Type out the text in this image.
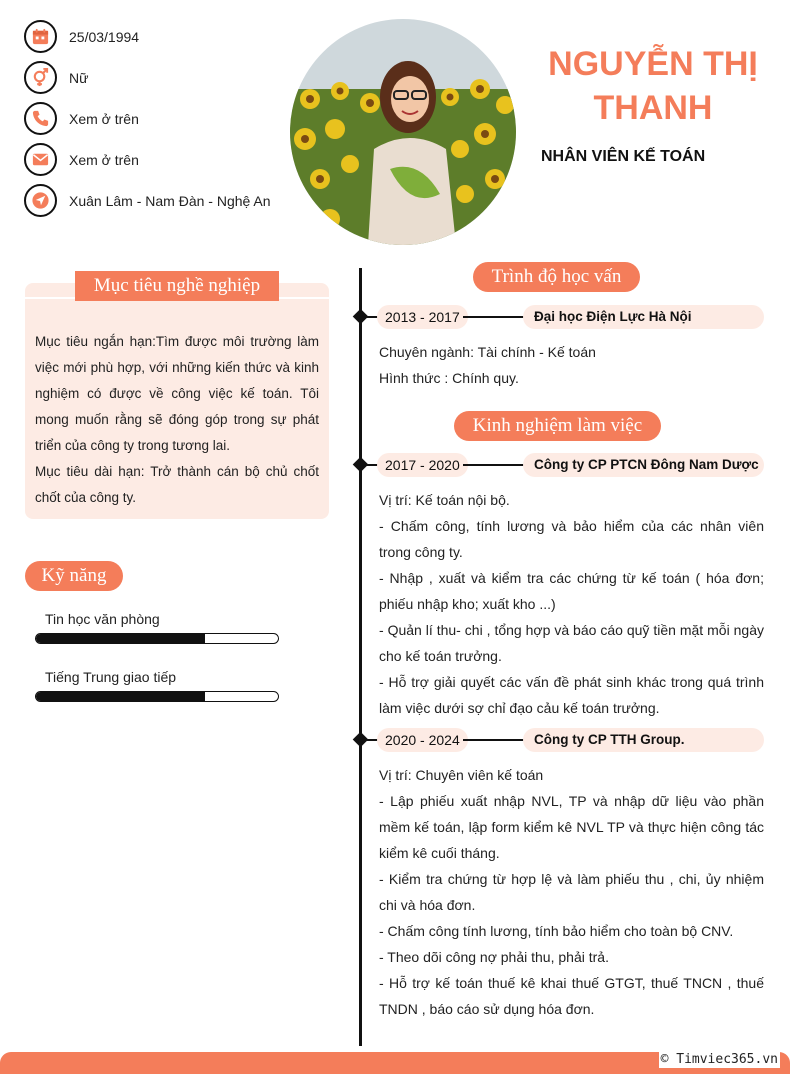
25/03/1994
Nữ
Xem ở trên
Xem ở trên
Xuân Lâm - Nam Đàn - Nghệ An
NGUYỄN THỊ
THANH
NHÂN VIÊN KẾ TOÁN
Mục tiêu nghề nghiệp

Mục tiêu ngắn hạn:Tìm được môi trường làm việc mới phù hợp, với những kiến thức và kinh nghiệm có được về công việc kế toán. Tôi mong muốn rằng sẽ đóng góp trong sự phát triển của công ty trong tương lai.

Mục tiêu dài hạn: Trở thành cán bộ chủ chốt chốt của công ty.

Kỹ năng
Tin học văn phòng
Tiếng Trung giao tiếp
Trình độ học vấn
2013 - 2017	Đại học Điện Lực Hà Nội

Chuyên ngành: Tài chính - Kế toán

Hình thức : Chính quy.

Kinh nghiệm làm việc
2017 - 2020	Công ty CP PTCN Đông Nam Dược

Vị trí: Kế toán nội bộ.

- Chấm công, tính lương và bảo hiểm của các nhân viên trong công ty.

- Nhập , xuất và kiểm tra các chứng từ kế toán ( hóa đơn; phiếu nhập kho; xuất kho ...)

- Quản lí thu- chi , tổng hợp và báo cáo quỹ tiền mặt mỗi ngày cho kế toán trưởng.

- Hỗ trợ giải quyết các vấn đề phát sinh khác trong quá trình làm việc dưới sợ chỉ đạo cảu kế toán trưởng.

2020 - 2024	Công ty CP TTH Group.

Vị trí: Chuyên viên kế toán

- Lập phiếu xuất nhập NVL, TP và nhập dữ liệu vào phần mềm kế toán, lập form kiểm kê NVL TP và thực hiện công tác kiểm kê cuối tháng.

- Kiểm tra chứng từ hợp lệ và làm phiếu thu , chi, ủy nhiệm chi và hóa đơn.

- Chấm công tính lương, tính bảo hiểm cho toàn bộ CNV.

- Theo dõi công nợ phải thu, phải trả.

- Hỗ trợ kế toán thuế kê khai thuế GTGT, thuế TNCN , thuế TNDN , báo cáo sử dụng hóa đơn.

© Timviec365.vn
